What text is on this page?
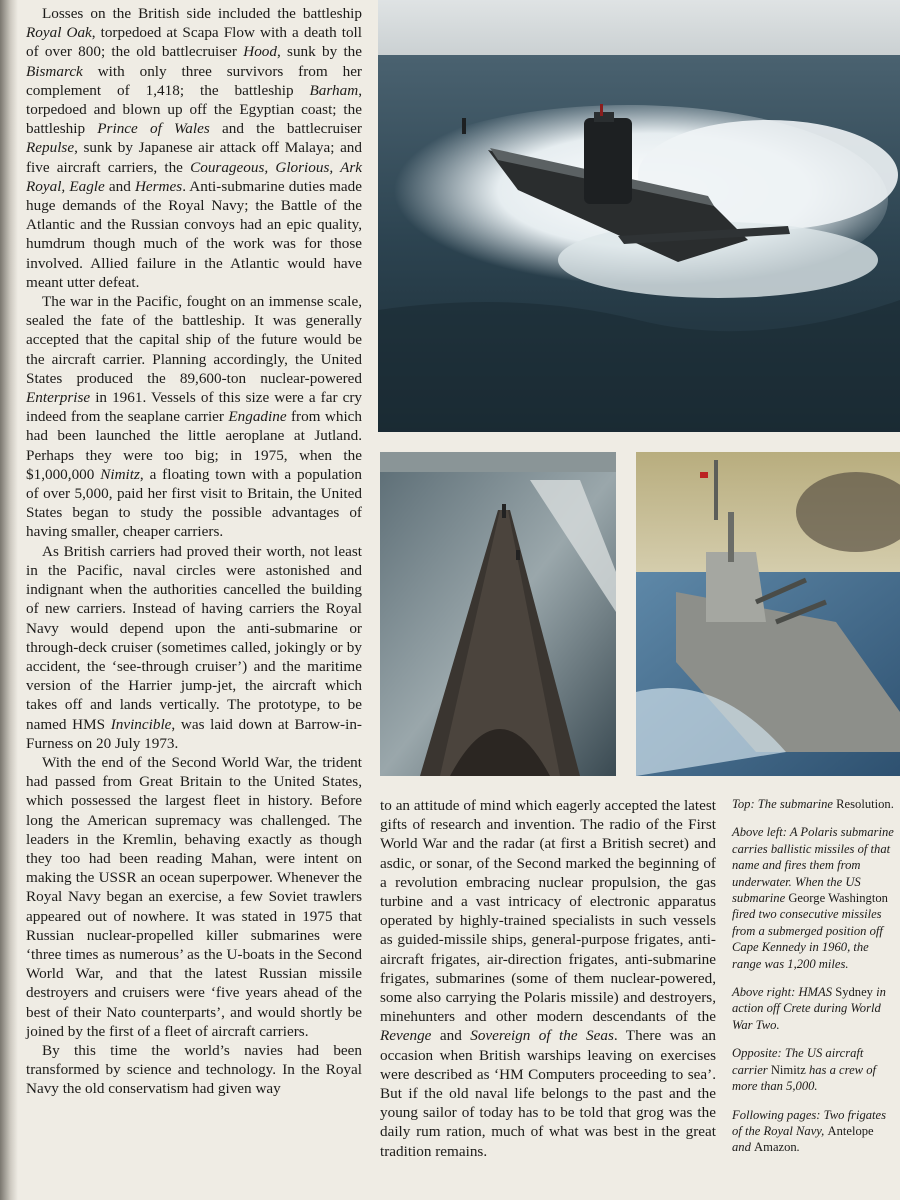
Losses on the British side included the battleship Royal Oak, torpedoed at Scapa Flow with a death toll of over 800; the old battlecruiser Hood, sunk by the Bismarck with only three survivors from her complement of 1,418; the battleship Barham, torpedoed and blown up off the Egyptian coast; the battleship Prince of Wales and the battlecruiser Repulse, sunk by Japanese air attack off Malaya; and five aircraft carriers, the Courageous, Glorious, Ark Royal, Eagle and Hermes. Anti-submarine duties made huge demands of the Royal Navy; the Battle of the Atlantic and the Russian convoys had an epic quality, humdrum though much of the work was for those involved. Allied failure in the Atlantic would have meant utter defeat.

The war in the Pacific, fought on an immense scale, sealed the fate of the battleship. It was generally accepted that the capital ship of the future would be the aircraft carrier. Planning accordingly, the United States produced the 89,600-ton nuclear-powered Enterprise in 1961. Vessels of this size were a far cry indeed from the seaplane carrier Engadine from which had been launched the little aeroplane at Jutland. Perhaps they were too big; in 1975, when the $1,000,000 Nimitz, a floating town with a population of over 5,000, paid her first visit to Britain, the United States began to study the possible advantages of having smaller, cheaper carriers.

As British carriers had proved their worth, not least in the Pacific, naval circles were astonished and indignant when the authorities cancelled the building of new carriers. Instead of having carriers the Royal Navy would depend upon the anti-submarine or through-deck cruiser (sometimes called, jokingly or by accident, the ‘see-through cruiser’) and the maritime version of the Harrier jump-jet, the aircraft which takes off and lands vertically. The prototype, to be named HMS Invincible, was laid down at Barrow-in-Furness on 20 July 1973.

With the end of the Second World War, the trident had passed from Great Britain to the United States, which possessed the largest fleet in history. Before long the American supremacy was challenged. The leaders in the Kremlin, behaving exactly as though they too had been reading Mahan, were intent on making the USSR an ocean superpower. Whenever the Royal Navy began an exercise, a few Soviet trawlers appeared out of nowhere. It was stated in 1975 that Russian nuclear-propelled killer submarines were ‘three times as numerous’ as the U-boats in the Second World War, and that the latest Russian missile destroyers and cruisers were ‘five years ahead of the best of their Nato counterparts’, and would shortly be joined by the first of a fleet of aircraft carriers.

By this time the world’s navies had been transformed by science and technology. In the Royal Navy the old conservatism had given way

to an attitude of mind which eagerly accepted the latest gifts of research and invention. The radio of the First World War and the radar (at first a British secret) and asdic, or sonar, of the Second marked the beginning of a revolution embracing nuclear propulsion, the gas turbine and a vast intricacy of electronic apparatus operated by highly-trained specialists in such vessels as guided-missile ships, general-purpose frigates, anti-aircraft frigates, air-direction frigates, anti-submarine frigates, submarines (some of them nuclear-powered, some also carrying the Polaris missile) and destroyers, minehunters and other modern descendants of the Revenge and Sovereign of the Seas. There was an occasion when British warships leaving on exercises were described as ‘HM Computers proceeding to sea’. But if the old naval life belongs to the past and the young sailor of today has to be told that grog was the daily rum ration, much of what was best in the great tradition remains.

Top: The submarine Resolution.

Above left: A Polaris submarine carries ballistic missiles of that name and fires them from underwater. When the US submarine George Washington fired two consecutive missiles from a submerged position off Cape Kennedy in 1960, the range was 1,200 miles.

Above right: HMAS Sydney in action off Crete during World War Two.

Opposite: The US aircraft carrier Nimitz has a crew of more than 5,000.

Following pages: Two frigates of the Royal Navy, Antelope and Amazon.
